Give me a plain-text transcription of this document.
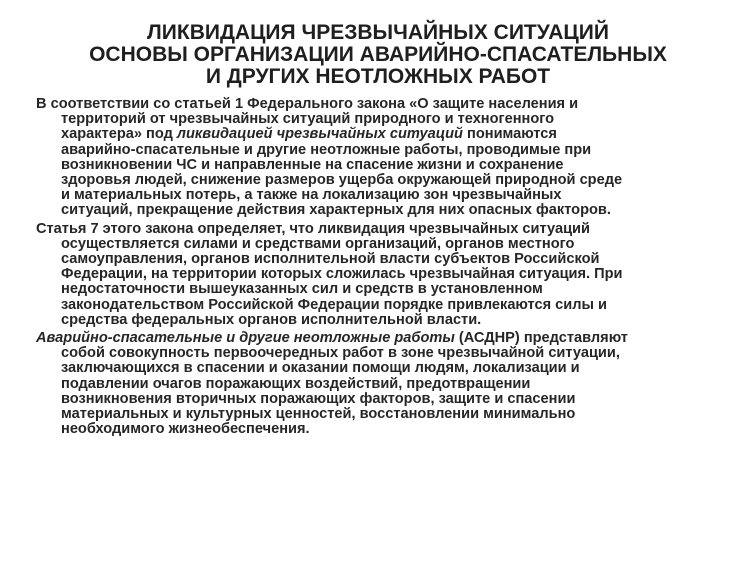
ЛИКВИДАЦИЯ ЧРЕЗВЫЧАЙНЫХ СИТУАЦИЙ
ОСНОВЫ ОРГАНИЗАЦИИ АВАРИЙНО-СПАСАТЕЛЬНЫХ
И ДРУГИХ НЕОТЛОЖНЫХ РАБОТ
В соответствии со статьей 1 Федерального закона «О защите населения и
территорий от чрезвычайных ситуаций природного и техногенного
характера» под ликвидацией чрезвычайных ситуаций понимаются
аварийно-спасательные и другие неотложные работы, проводимые при
возникновении ЧС и направленные на спасение жизни и сохранение
здоровья людей, снижение размеров ущерба окружающей природной среде
и материальных потерь, а также на локализацию зон чрезвычайных
ситуаций, прекращение действия характерных для них опасных факторов.
Статья 7 этого закона определяет, что ликвидация чрезвычайных ситуаций
осуществляется силами и средствами организаций, органов местного
самоуправления, органов исполнительной власти субъектов Российской
Федерации, на территории которых сложилась чрезвычайная ситуация. При
недостаточности вышеуказанных сил и средств в установленном
законодательством Российской Федерации порядке привлекаются силы и
средства федеральных органов исполнительной власти.
Аварийно-спасательные и другие неотложные работы (АСДНР) представляют
собой совокупность первоочередных работ в зоне чрезвычайной ситуации,
заключающихся в спасении и оказании помощи людям, локализации и
подавлении очагов поражающих воздействий, предотвращении
возникновения вторичных поражающих факторов, защите и спасении
материальных и культурных ценностей, восстановлении минимально
необходимого жизнеобеспечения.
